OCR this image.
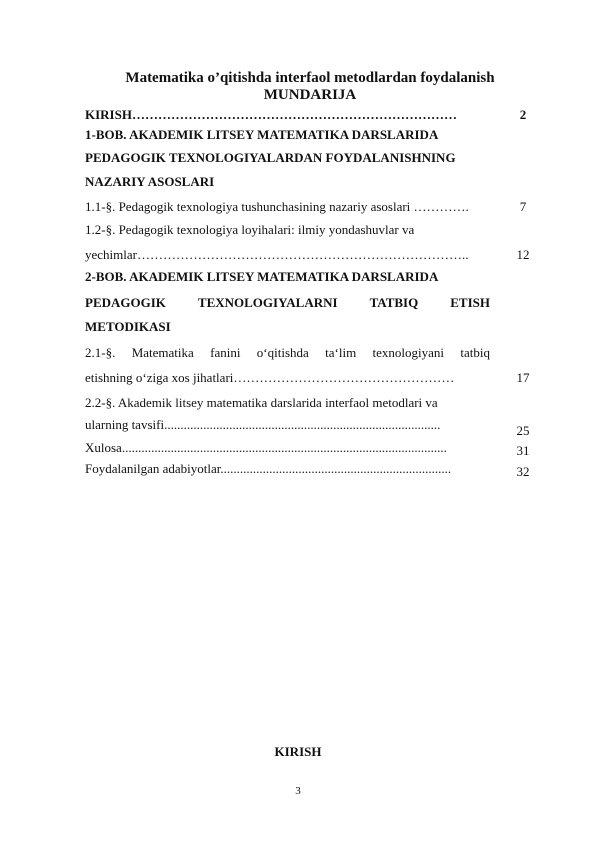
Matematika o’qitishda interfaol metodlardan foydalanish
MUNDARIJA
KIRISH…………………………………………………………………	2
1-BOB. AKADEMIK LITSEY MATEMATIKA DARSLARIDA
PEDAGOGIK TEXNOLOGIYALARDAN FOYDALANISHNING
NAZARIY ASOSLARI
1.1-§. Pedagogik texnologiya tushunchasining nazariy asoslari ………….	7
1.2-§. Pedagogik texnologiya loyihalari: ilmiy yondashuvlar va
yechimlar…………………………………………………………………..	12
2-BOB. AKADEMIK LITSEY MATEMATIKA DARSLARIDA
PEDAGOGIK TEXNOLOGIYALARNI TATBIQ ETISH
METODIKASI
2.1-§. Matematika fanini o‘qitishda ta‘lim texnologiyani tatbiq
etishning o‘ziga xos jihatlari……………………………………………	17
2.2-§. Akademik litsey matematika darslarida interfaol metodlari va
ularning tavsifi.....................................................................................	25
Xulosa....................................................................................................	31
Foydalanilgan adabiyotlar.......................................................................	32
KIRISH
3
